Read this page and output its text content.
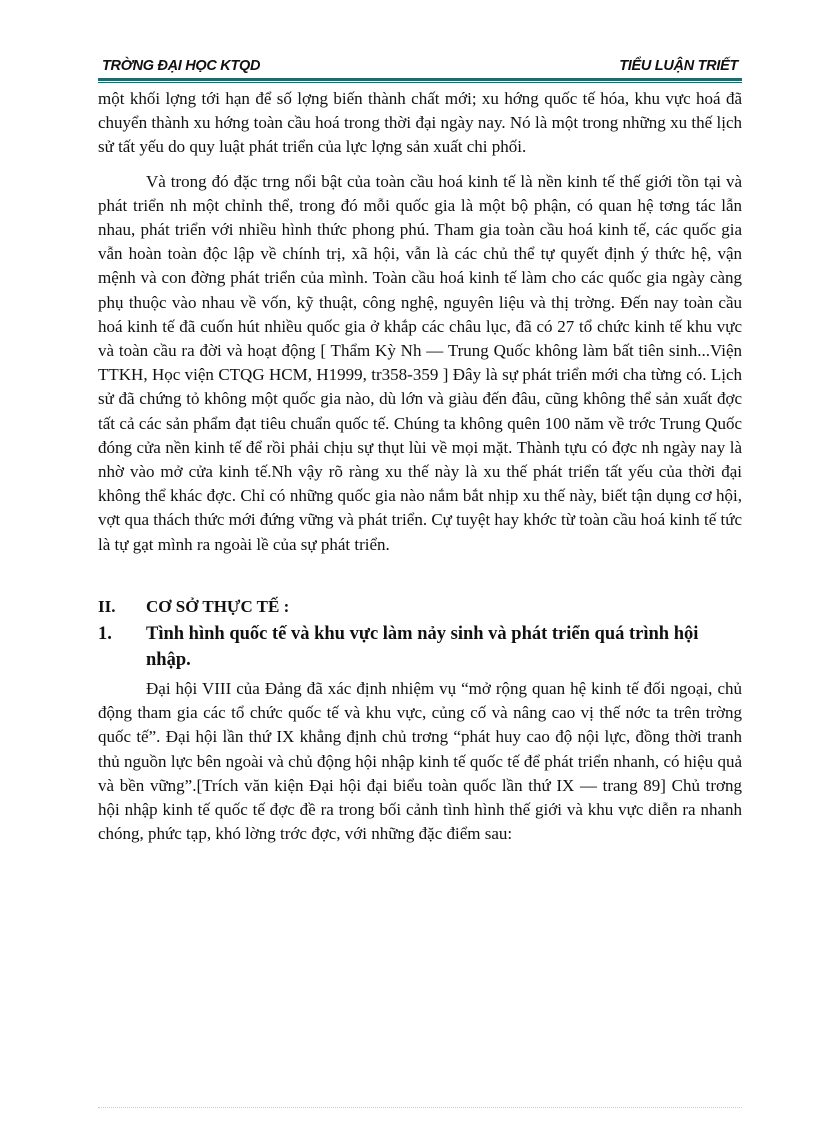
TRỜNG ĐẠI HỌC KTQD	TIỂU LUẬN TRIẾT

một khối lợng tới hạn để số lợng biến thành chất mới; xu hớng quốc tế hóa, khu vực hoá đã chuyển thành xu hớng toàn cầu hoá trong thời đại ngày nay. Nó là một trong những xu thế lịch sử tất yếu do quy luật phát triển của lực lợng sản xuất chi phối.

Và trong đó đặc trng nổi bật của toàn cầu hoá kinh tế là nền kinh tế thế giới tồn tại và phát triển nh một chỉnh thể, trong đó mỗi quốc gia là một bộ phận, có quan hệ tơng tác lẫn nhau, phát triển với nhiều hình thức phong phú. Tham gia toàn cầu hoá kinh tế, các quốc gia vẫn hoàn toàn độc lập về chính trị, xã hội, vẫn là các chủ thể tự quyết định ý thức hệ, vận mệnh và con đờng phát triển của mình. Toàn cầu hoá kinh tế làm cho các quốc gia ngày càng phụ thuộc vào nhau về vốn, kỹ thuật, công nghệ, nguyên liệu và thị trờng. Đến nay toàn cầu hoá kinh tế đã cuốn hút nhiều quốc gia ở khắp các châu lục, đã có 27 tổ chức kinh tế khu vực và toàn cầu ra đời và hoạt động [ Thẩm Kỳ Nh — Trung Quốc không làm bất tiên sinh...Viện TTKH, Học viện CTQG HCM, H1999, tr358-359 ] Đây là sự phát triển mới cha từng có. Lịch sử đã chứng tỏ không một quốc gia nào, dù lớn và giàu đến đâu, cũng không thể sản xuất đợc tất cả các sản phẩm đạt tiêu chuẩn quốc tế. Chúng ta không quên 100 năm về trớc Trung Quốc đóng cửa nền kinh tế để rồi phải chịu sự thụt lùi về mọi mặt. Thành tựu có đợc nh ngày nay là nhờ vào mở cửa kinh tế.Nh vậy rõ ràng xu thế này là xu thế phát triển tất yếu của thời đại không thể khác đợc. Chỉ có những quốc gia nào nắm bắt nhịp xu thế này, biết tận dụng cơ hội, vợt qua thách thức mới đứng vững và phát triển. Cự tuyệt hay khớc từ toàn cầu hoá kinh tế tức là tự gạt mình ra ngoài lề của sự phát triển.

II.	CƠ SỞ THỰC TẾ :
1.	Tình hình quốc tế và khu vực làm nảy sinh và phát triển quá trình hội nhập.

Đại hội VIII của Đảng đã xác định nhiệm vụ “mở rộng quan hệ kinh tế đối ngoại, chủ động tham gia các tổ chức quốc tế và khu vực, củng cố và nâng cao vị thế nớc ta trên trờng quốc tế”. Đại hội lần thứ IX khẳng định chủ trơng “phát huy cao độ nội lực, đồng thời tranh thủ nguồn lực bên ngoài và chủ động hội nhập kinh tế quốc tế để phát triển nhanh, có hiệu quả và bền vững”.[Trích văn kiện Đại hội đại biểu toàn quốc lần thứ IX — trang 89] Chủ trơng hội nhập kinh tế quốc tế đợc đề ra trong bối cảnh tình hình thế giới và khu vực diễn ra nhanh chóng, phức tạp, khó lờng trớc đợc, với những đặc điểm sau:
